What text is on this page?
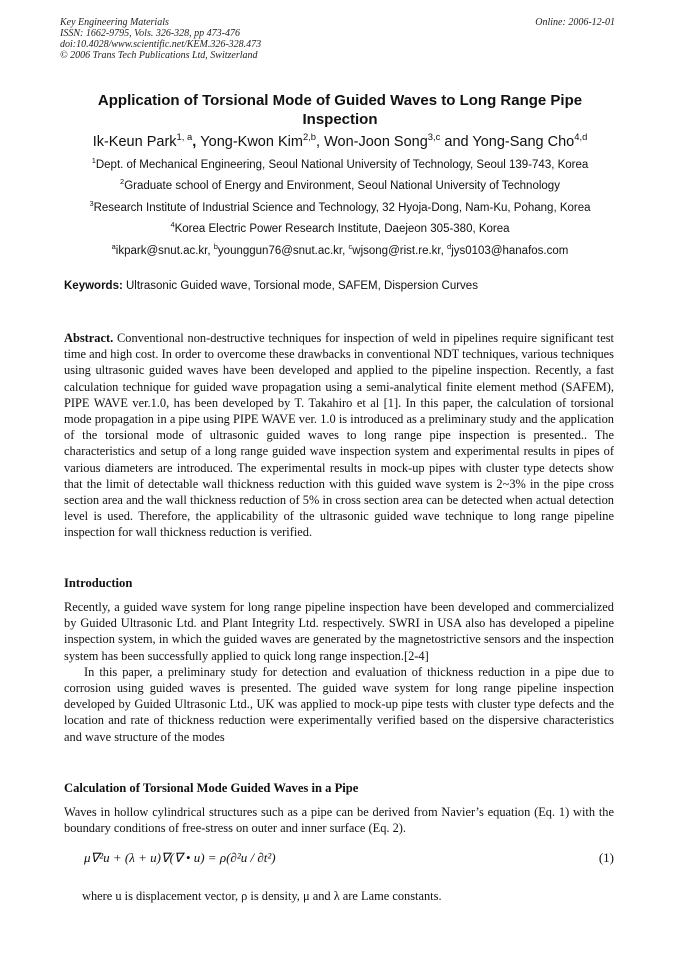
Key Engineering Materials
ISSN: 1662-9795, Vols. 326-328, pp 473-476
doi:10.4028/www.scientific.net/KEM.326-328.473
© 2006 Trans Tech Publications Ltd, Switzerland
Online: 2006-12-01
Application of Torsional Mode of Guided Waves to Long Range Pipe
Inspection
Ik-Keun Park$^{1, a}$, Yong-Kwon Kim$^{2,b}$, Won-Joon Song$^{3,c}$ and Yong-Sang Cho$^{4,d}$
$^1$Dept. of Mechanical Engineering, Seoul National University of Technology, Seoul 139-743, Korea
$^2$Graduate school of Energy and Environment, Seoul National University of Technology
$^3$Research Institute of Industrial Science and Technology, 32 Hyoja-Dong, Nam-Ku, Pohang, Korea
$^4$Korea Electric Power Research Institute, Daejeon 305-380, Korea
$^a$ikpark@snut.ac.kr, $^b$younggun76@snut.ac.kr, $^c$wjsong@rist.re.kr, $^d$jys0103@hanafos.com
Keywords: Ultrasonic Guided wave, Torsional mode, SAFEM, Dispersion Curves
Abstract. Conventional non-destructive techniques for inspection of weld in pipelines require significant test time and high cost. In order to overcome these drawbacks in conventional NDT techniques, various techniques using ultrasonic guided waves have been developed and applied to the pipeline inspection. Recently, a fast calculation technique for guided wave propagation using a semi-analytical finite element method (SAFEM), PIPE WAVE ver.1.0, has been developed by T. Takahiro et al [1]. In this paper, the calculation of torsional mode propagation in a pipe using PIPE WAVE ver. 1.0 is introduced as a preliminary study and the application of the torsional mode of ultrasonic guided waves to long range pipe inspection is presented.. The characteristics and setup of a long range guided wave inspection system and experimental results in pipes of various diameters are introduced. The experimental results in mock-up pipes with cluster type detects show that the limit of detectable wall thickness reduction with this guided wave system is 2~3% in the pipe cross section area and the wall thickness reduction of 5% in cross section area can be detected when actual detection level is used. Therefore, the applicability of the ultrasonic guided wave technique to long range pipeline inspection for wall thickness reduction is verified.
Introduction
Recently, a guided wave system for long range pipeline inspection have been developed and commercialized by Guided Ultrasonic Ltd. and Plant Integrity Ltd. respectively. SWRI in USA also has developed a pipeline inspection system, in which the guided waves are generated by the magnetostrictive sensors and the inspection system has been successfully applied to quick long range inspection.[2-4]
In this paper, a preliminary study for detection and evaluation of thickness reduction in a pipe due to corrosion using guided waves is presented. The guided wave system for long range pipeline inspection developed by Guided Ultrasonic Ltd., UK was applied to mock-up pipe tests with cluster type defects and the location and rate of thickness reduction were experimentally verified based on the dispersive characteristics and wave structure of the modes
Calculation of Torsional Mode Guided Waves in a Pipe
Waves in hollow cylindrical structures such as a pipe can be derived from Navier’s equation (Eq. 1) with the boundary conditions of free-stress on outer and inner surface (Eq. 2).
μ∇²u + (λ + u)∇(∇ • u) = ρ(∂²u / ∂t²)	(1)
where u is displacement vector, ρ is density, μ and λ are Lame constants.
